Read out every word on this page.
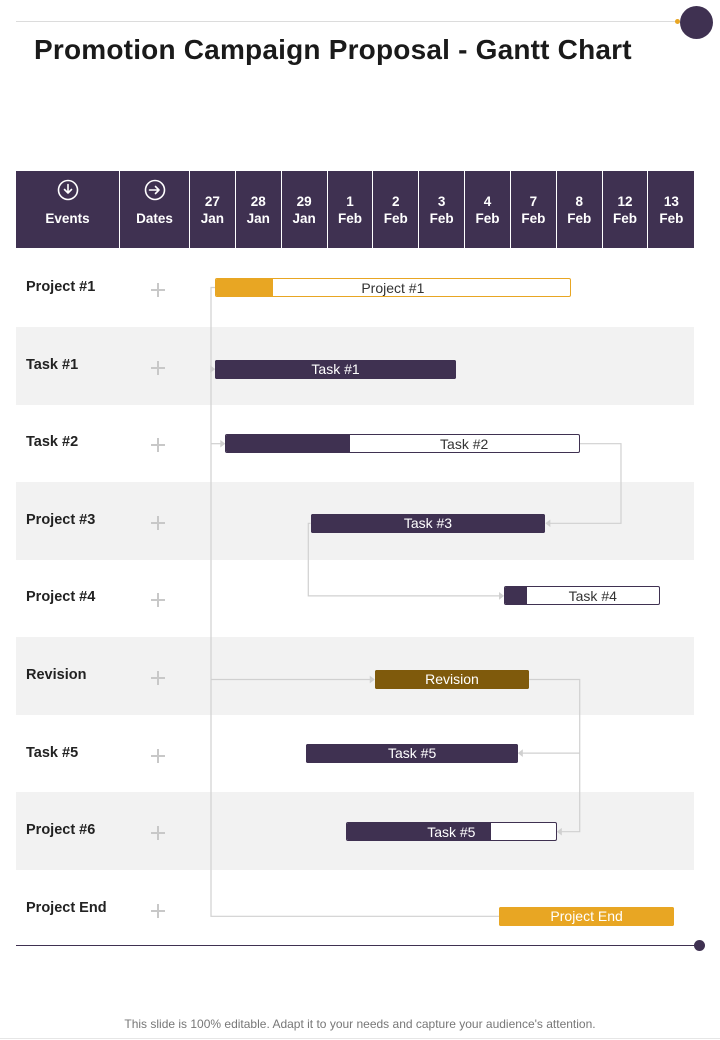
Promotion Campaign Proposal - Gantt Chart
Events	Dates
27
Jan
28
Jan
29
Jan
1
Feb
2
Feb
3
Feb
4
Feb
7
Feb
8
Feb
12
Feb
13
Feb
Project #1
Task #1
Task #2
Project #3
Project #4
Revision
Task #5
Project #6
Project End
Project #1
Task #1
Task #2
Task #3
Task #4
Revision
Task #5
Task #5
Project End
This slide is 100% editable. Adapt it to your needs and capture your audience's attention.
